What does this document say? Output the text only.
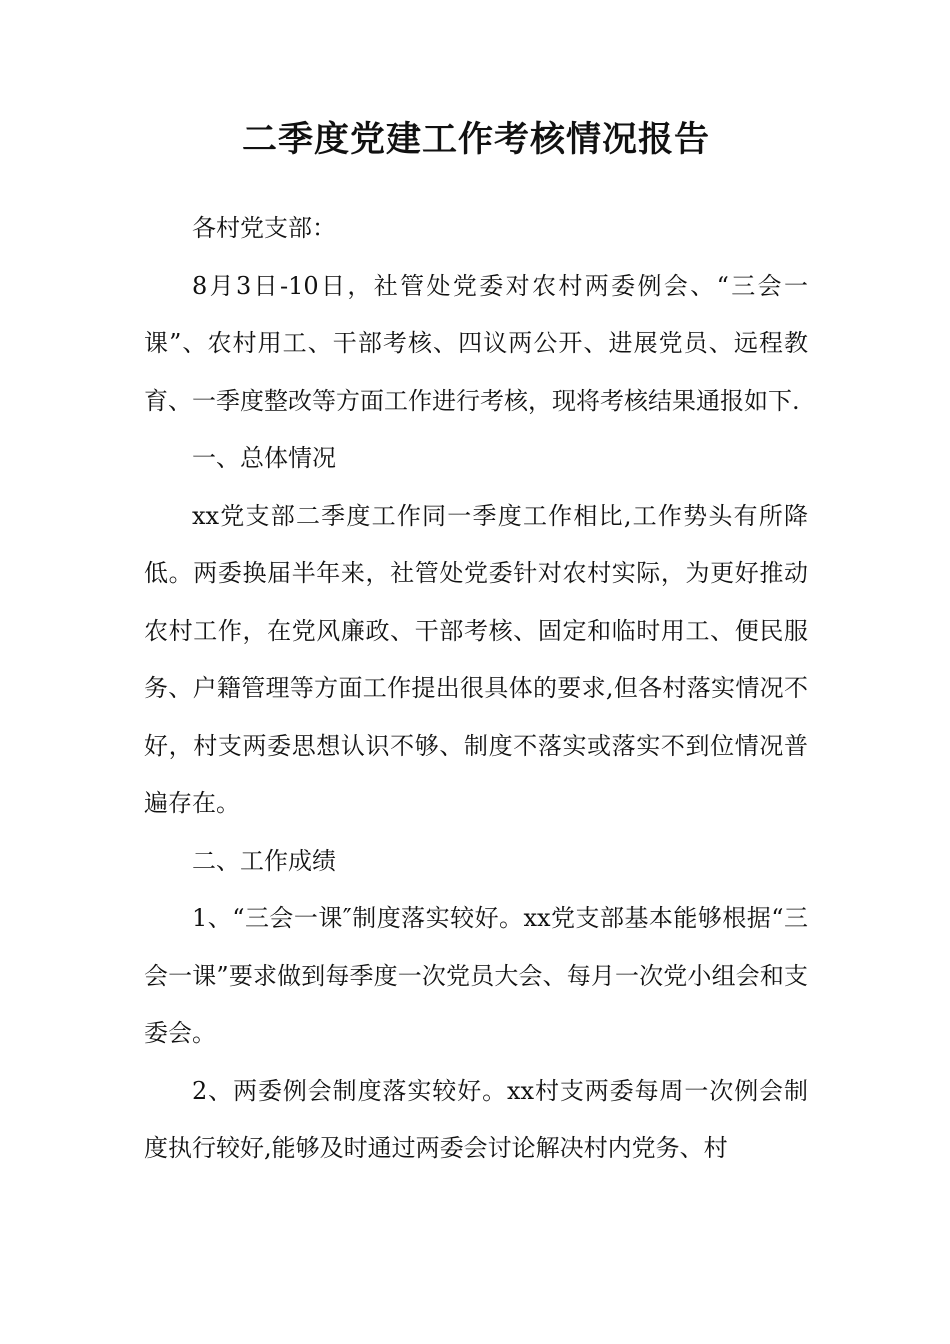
二季度党建工作考核情况报告

各村党支部：

8月3日-10日，社管处党委对农村两委例会、“三会一课”、农村用工、干部考核、四议两公开、进展党员、远程教育、一季度整改等方面工作进行考核，现将考核结果通报如下.

一、总体情况

xx党支部二季度工作同一季度工作相比,工作势头有所降低。两委换届半年来，社管处党委针对农村实际，为更好推动农村工作，在党风廉政、干部考核、固定和临时用工、便民服务、户籍管理等方面工作提出很具体的要求,但各村落实情况不好，村支两委思想认识不够、制度不落实或落实不到位情况普遍存在。

二、工作成绩

1、“三会一课″制度落实较好。xx党支部基本能够根据“三会一课”要求做到每季度一次党员大会、每月一次党小组会和支委会。

2、两委例会制度落实较好。xx村支两委每周一次例会制度执行较好,能够及时通过两委会讨论解决村内党务、村
